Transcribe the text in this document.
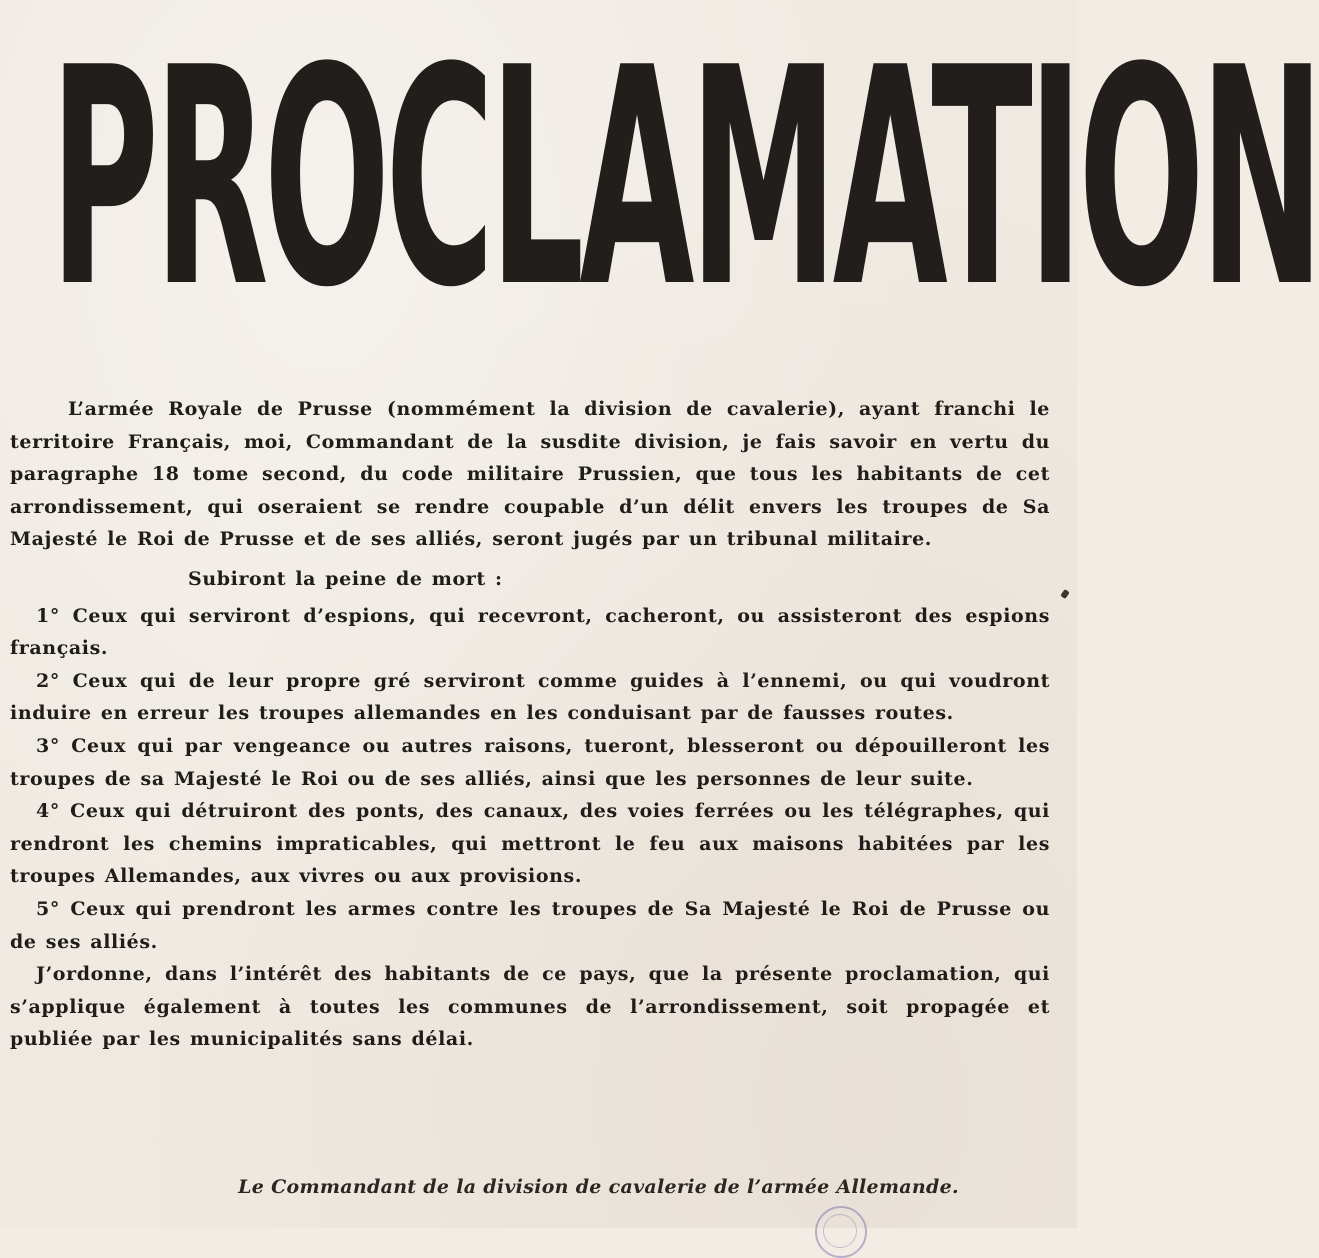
PROCLAMATION

L’armée Royale de Prusse (nommément la division de cavalerie), ayant franchi le territoire Français, moi, Commandant de la susdite division, je fais savoir en vertu du paragraphe 18 tome second, du code militaire Prussien, que tous les habitants de cet arrondissement, qui oseraient se rendre coupable d’un délit envers les troupes de Sa Majesté le Roi de Prusse et de ses alliés, seront jugés par un tribunal militaire.

Subiront la peine de mort :

1° Ceux qui serviront d’espions, qui recevront, cacheront, ou assisteront des espions français.

2° Ceux qui de leur propre gré serviront comme guides à l’ennemi, ou qui voudront induire en erreur les troupes allemandes en les conduisant par de fausses routes.

3° Ceux qui par vengeance ou autres raisons, tueront, blesseront ou dépouilleront les troupes de sa Majesté le Roi ou de ses alliés, ainsi que les personnes de leur suite.

4° Ceux qui détruiront des ponts, des canaux, des voies ferrées ou les télégraphes, qui rendront les chemins impraticables, qui mettront le feu aux maisons habitées par les troupes Allemandes, aux vivres ou aux provisions.

5° Ceux qui prendront les armes contre les troupes de Sa Majesté le Roi de Prusse ou de ses alliés.

J’ordonne, dans l’intérêt des habitants de ce pays, que la présente proclamation, qui s’applique également à toutes les communes de l’arrondissement, soit propagée et publiée par les municipalités sans délai.

Le Commandant de la division de cavalerie de l’armée Allemande.
